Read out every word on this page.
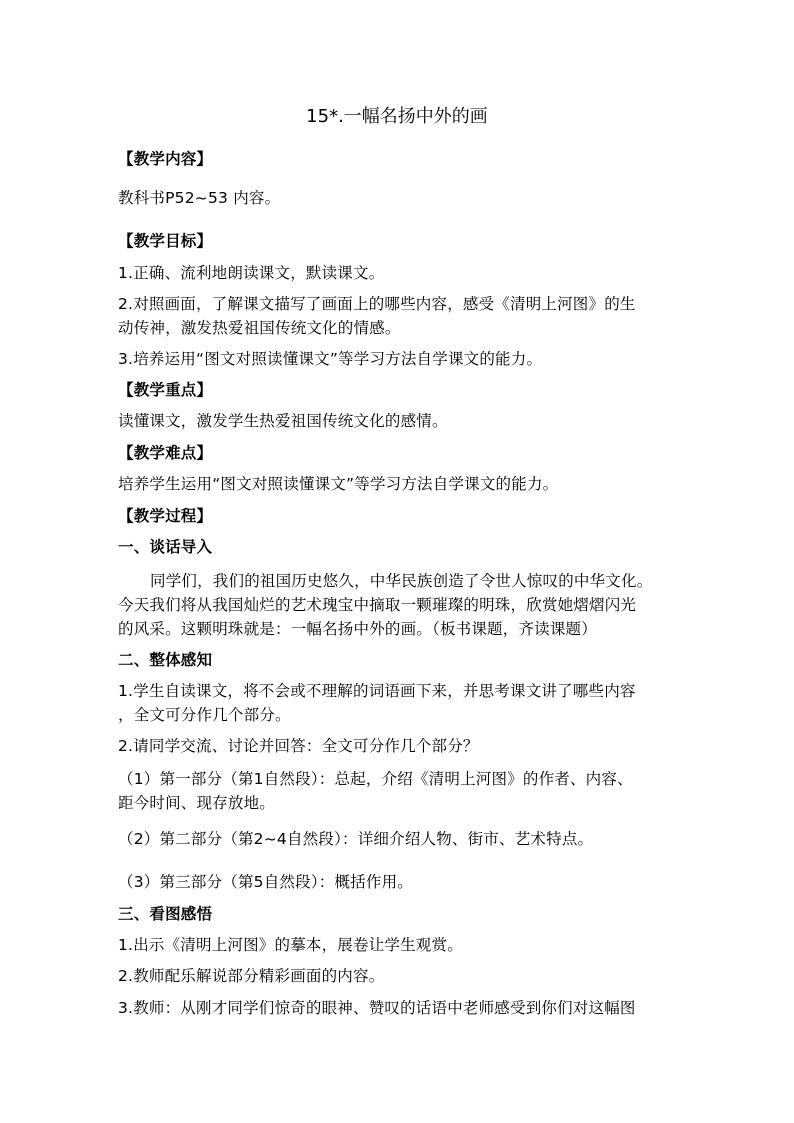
15*.一幅名扬中外的画
【教学内容】
教科书P52~53 内容。
【教学目标】
1.正确、流利地朗读课文，默读课文。
2.对照画面，了解课文描写了画面上的哪些内容，感受《清明上河图》的生
动传神，激发热爱祖国传统文化的情感。
3.培养运用“图文对照读懂课文”等学习方法自学课文的能力。
【教学重点】
读懂课文，激发学生热爱祖国传统文化的感情。
【教学难点】
培养学生运用“图文对照读懂课文”等学习方法自学课文的能力。
【教学过程】
一、谈话导入
同学们，我们的祖国历史悠久，中华民族创造了令世人惊叹的中华文化。
今天我们将从我国灿烂的艺术瑰宝中摘取一颗璀璨的明珠，欣赏她熠熠闪光
的风采。这颗明珠就是：一幅名扬中外的画。（板书课题，齐读课题）
二、整体感知
1.学生自读课文，将不会或不理解的词语画下来，并思考课文讲了哪些内容
，全文可分作几个部分。
2.请同学交流、讨论并回答：全文可分作几个部分？
（1）第一部分（第1自然段）：总起，介绍《清明上河图》的作者、内容、
距今时间、现存放地。
（2）第二部分（第2~4自然段）：详细介绍人物、街市、艺术特点。
（3）第三部分（第5自然段）：概括作用。
三、看图感悟
1.出示《清明上河图》的摹本，展卷让学生观赏。
2.教师配乐解说部分精彩画面的内容。
3.教师：从刚才同学们惊奇的眼神、赞叹的话语中老师感受到你们对这幅图
